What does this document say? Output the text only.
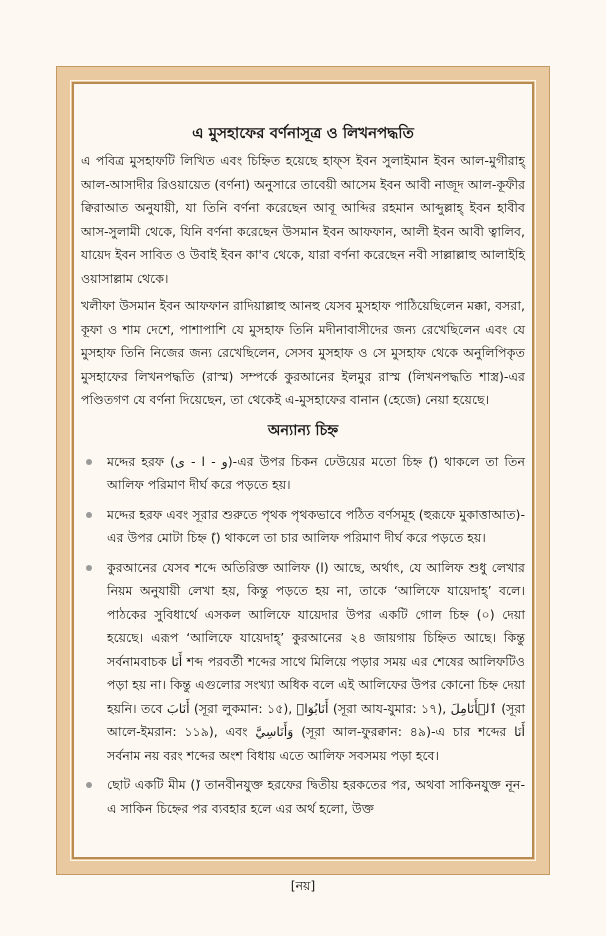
এ মুসহাফের বর্ণনাসূত্র ও লিখনপদ্ধতি

এ পবিত্র মুসহাফটি লিখিত এবং চিহ্নিত হয়েছে হাফ্স ইবন সুলাইমান ইবন আল-মুগীরাহ্ আল-আসাদীর রিওয়ায়েত (বর্ণনা) অনুসারে তাবেয়ী আসেম ইবন আবী নাজূদ আল-কূফীর ক্বিরাআত অনুযায়ী, যা তিনি বর্ণনা করেছেন আবূ আব্দির রহমান আব্দুল্লাহ্ ইবন হাবীব আস-সুলামী থেকে, যিনি বর্ণনা করেছেন উসমান ইবন আফফান, আলী ইবন আবী ত্বালিব, যায়েদ ইবন সাবিত ও উবাই ইবন কা'ব থেকে, যারা বর্ণনা করেছেন নবী সাল্লাল্লাহু আলাইহি ওয়াসাল্লাম থেকে।

খলীফা উসমান ইবন আফফান রাদিয়াল্লাহু আনহু যেসব মুসহাফ পাঠিয়েছিলেন মক্কা, বসরা, কূফা ও শাম দেশে, পাশাপাশি যে মুসহাফ তিনি মদীনাবাসীদের জন্য রেখেছিলেন এবং যে মুসহাফ তিনি নিজের জন্য রেখেছিলেন, সেসব মুসহাফ ও সে মুসহাফ থেকে অনুলিপিকৃত মুসহাফের লিখনপদ্ধতি (রাস্ম) সম্পর্কে কুরআনের ইলমুর রাস্ম (লিখনপদ্ধতি শাস্ত্র)-এর পণ্ডিতগণ যে বর্ণনা দিয়েছেন, তা থেকেই এ-মুসহাফের বানান (হেজে) নেয়া হয়েছে।

অন্যান্য চিহ্ন
মদ্দের হরফ (ﻭ - ﺍ - ﻯ)-এর উপর চিকন ঢেউয়ের মতো চিহ্ন (ٓ) থাকলে তা তিন আলিফ পরিমাণ দীর্ঘ করে পড়তে হয়।
মদ্দের হরফ এবং সূরার শুরুতে পৃথক পৃথকভাবে পঠিত বর্ণসমূহ (হুরূফে মুকাত্তাআত)-এর উপর মোটা চিহ্ন (ٓ) থাকলে তা চার আলিফ পরিমাণ দীর্ঘ করে পড়তে হয়।
কুরআনের যেসব শব্দে অতিরিক্ত আলিফ (ا) আছে, অর্থাৎ, যে আলিফ শুধু লেখার নিয়ম অনুযায়ী লেখা হয়, কিন্তু পড়তে হয় না, তাকে ‘আলিফে যায়েদাহ্’ বলে। পাঠকের সুবিধার্থে এসকল আলিফে যায়েদার উপর একটি গোল চিহ্ন (০) দেয়া হয়েছে। এরূপ ‘আলিফে যায়েদাহ্’ কুরআনের ২৪ জায়গায় চিহ্নিত আছে। কিন্তু সর্বনামবাচক أَنَا শব্দ পরবর্তী শব্দের সাথে মিলিয়ে পড়ার সময় এর শেষের আলিফটিও পড়া হয় না। কিন্তু এগুলোর সংখ্যা অধিক বলে এই আলিফের উপর কোনো চিহ্ন দেয়া হয়নি। তবে أَنَابَ (সূরা লুকমান: ১৫), أَنَابُوٓا۟ (সূরা আয-যুমার: ১৭), ٱلۡأَنَامِلَ (সূরা আলে-ইমরান: ১১৯), এবং وَأَنَاسِيَّ (সূরা আল-ফুরক্বান: ৪৯)-এ চার শব্দের أَنَا সর্বনাম নয় বরং শব্দের অংশ বিধায় এতে আলিফ সবসময় পড়া হবে।
ছোট একটি মীম (ۢ) তানবীনযুক্ত হরফের দ্বিতীয় হরকতের পর, অথবা সাকিনযুক্ত নূন-এ সাকিন চিহ্নের পর ব্যবহার হলে এর অর্থ হলো, উক্ত
[নয়]
